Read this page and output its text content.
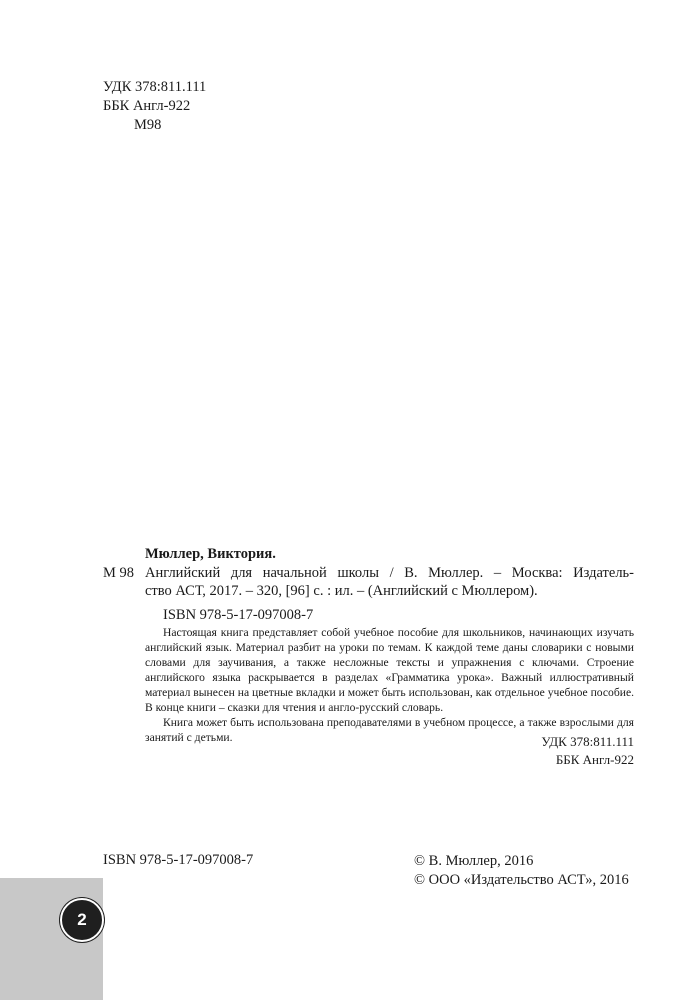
УДК 378:811.111
ББК Англ-922
М98
Мюллер, Виктория.
М 98 Английский для начальной школы / В. Мюллер. – Москва: Издатель-
ство АСТ, 2017. – 320, [96] с. : ил. – (Английский с Мюллером).
ISBN 978-5-17-097008-7

Настоящая книга представляет собой учебное пособие для школьников, начинающих изучать английский язык. Материал разбит на уроки по темам. К каждой теме даны словарики с новыми словами для заучивания, а также несложные тексты и упражнения с ключами. Строение английского языка раскрывается в разделах «Грамматика урока». Важный иллюстративный материал вынесен на цветные вкладки и может быть использован, как отдельное учебное пособие. В конце книги – сказки для чтения и англо-русский словарь.

Книга может быть использована преподавателями в учебном процессе, а также взрослыми для занятий с детьми.	УДК 378:811.111
ББК Англ-922
ISBN 978-5-17-097008-7	© В. Мюллер, 2016
© ООО «Издательство АСТ», 2016
2
